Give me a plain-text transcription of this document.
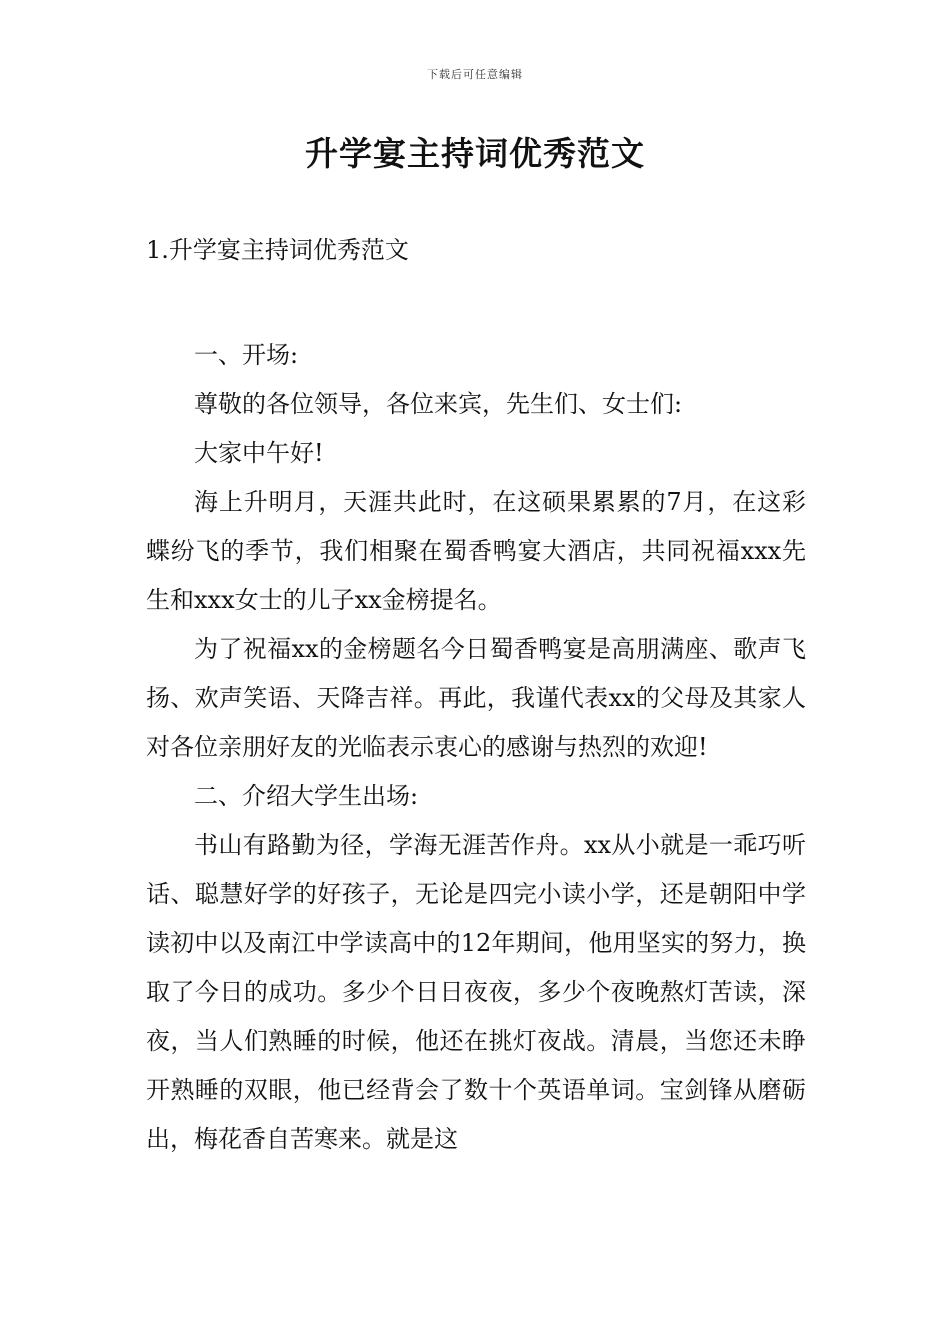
下载后可任意编辑
升学宴主持词优秀范文
1.升学宴主持词优秀范文

一、开场:

尊敬的各位领导，各位来宾，先生们、女士们:

大家中午好!

海上升明月，天涯共此时，在这硕果累累的7月，在这彩蝶纷飞的季节，我们相聚在蜀香鸭宴大酒店，共同祝福xxx先生和xxx女士的儿子xx金榜提名。

为了祝福xx的金榜题名今日蜀香鸭宴是高朋满座、歌声飞扬、欢声笑语、天降吉祥。再此，我谨代表xx的父母及其家人对各位亲朋好友的光临表示衷心的感谢与热烈的欢迎!

二、介绍大学生出场:

书山有路勤为径，学海无涯苦作舟。xx从小就是一乖巧听话、聪慧好学的好孩子，无论是四完小读小学，还是朝阳中学读初中以及南江中学读高中的12年期间，他用坚实的努力，换取了今日的成功。多少个日日夜夜，多少个夜晚熬灯苦读，深夜，当人们熟睡的时候，他还在挑灯夜战。清晨，当您还未睁开熟睡的双眼，他已经背会了数十个英语单词。宝剑锋从磨砺出，梅花香自苦寒来。就是这
